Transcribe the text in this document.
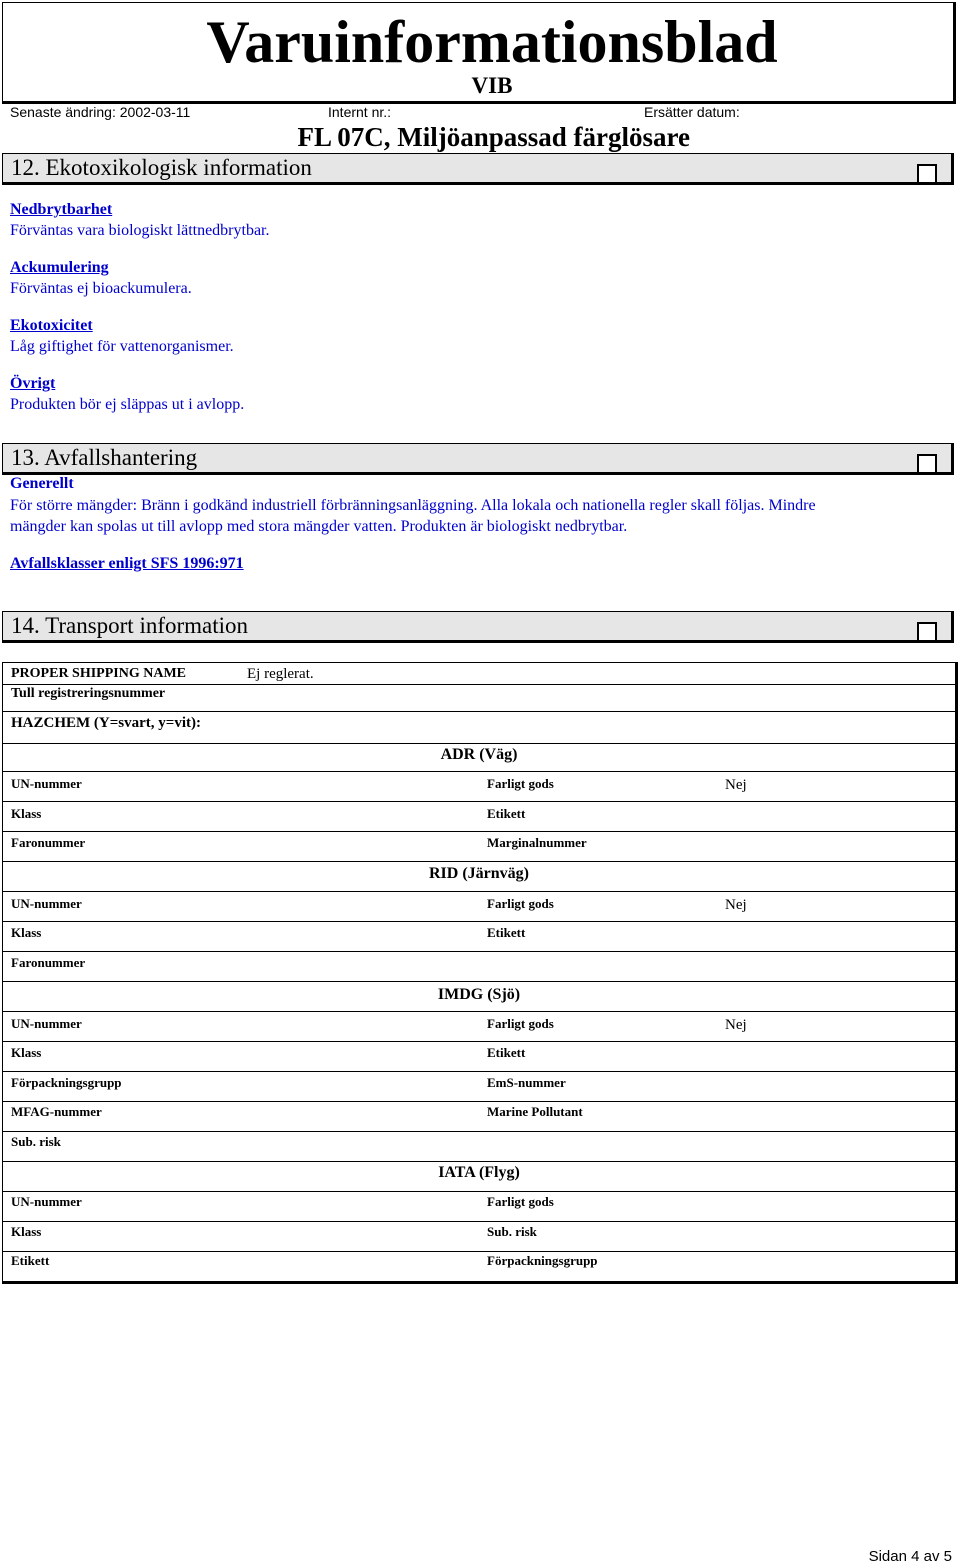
Varuinformationsblad
VIB
Senaste ändring: 2002-03-11	Internt nr.:	Ersätter datum:
FL 07C, Miljöanpassad färglösare
12. Ekotoxikologisk information
Nedbrytbarhet
Förväntas vara biologiskt lättnedbrytbar.
Ackumulering
Förväntas ej bioackumulera.
Ekotoxicitet
Låg giftighet för vattenorganismer.
Övrigt
Produkten bör ej släppas ut i avlopp.
13. Avfallshantering
Generellt
För större mängder: Bränn i godkänd industriell förbränningsanläggning. Alla lokala och nationella regler skall följas. Mindre
mängder kan spolas ut till avlopp med stora mängder vatten. Produkten är biologiskt nedbrytbar.
Avfallsklasser enligt SFS 1996:971
14. Transport information
PROPER SHIPPING NAME	Ej reglerat.
Tull registreringsnummer
HAZCHEM (Y=svart, y=vit):
ADR (Väg)
UN-nummer	Farligt gods	Nej
Klass	Etikett
Faronummer	Marginalnummer
RID (Järnväg)
UN-nummer	Farligt gods	Nej
Klass	Etikett
Faronummer
IMDG (Sjö)
UN-nummer	Farligt gods	Nej
Klass	Etikett
Förpackningsgrupp	EmS-nummer
MFAG-nummer	Marine Pollutant
Sub. risk
IATA (Flyg)
UN-nummer	Farligt gods
Klass	Sub. risk
Etikett	Förpackningsgrupp
Sidan 4 av 5
